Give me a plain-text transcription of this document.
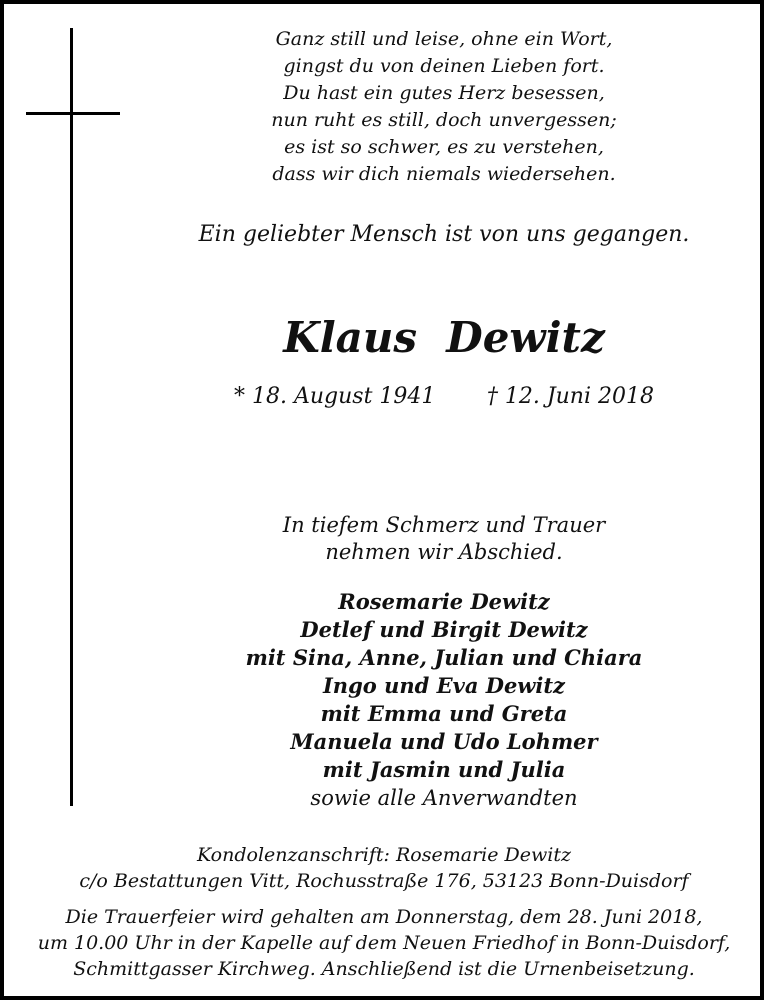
Ganz still und leise, ohne ein Wort,
gingst du von deinen Lieben fort.
Du hast ein gutes Herz besessen,
nun ruht es still, doch unvergessen;
es ist so schwer, es zu verstehen,
dass wir dich niemals wiedersehen.
Ein geliebter Mensch ist von uns gegangen.
Klaus  Dewitz
* 18. August 1941 † 12. Juni 2018
In tiefem Schmerz und Trauer
nehmen wir Abschied.
Rosemarie Dewitz
Detlef und Birgit Dewitz
mit Sina, Anne, Julian und Chiara
Ingo und Eva Dewitz
mit Emma und Greta
Manuela und Udo Lohmer
mit Jasmin und Julia
sowie alle Anverwandten
Kondolenzanschrift: Rosemarie Dewitz
c/o Bestattungen Vitt, Rochusstraße 176, 53123 Bonn-Duisdorf
Die Trauerfeier wird gehalten am Donnerstag, dem 28. Juni 2018,
um 10.00 Uhr in der Kapelle auf dem Neuen Friedhof in Bonn-Duisdorf,
Schmittgasser Kirchweg. Anschließend ist die Urnenbeisetzung.
